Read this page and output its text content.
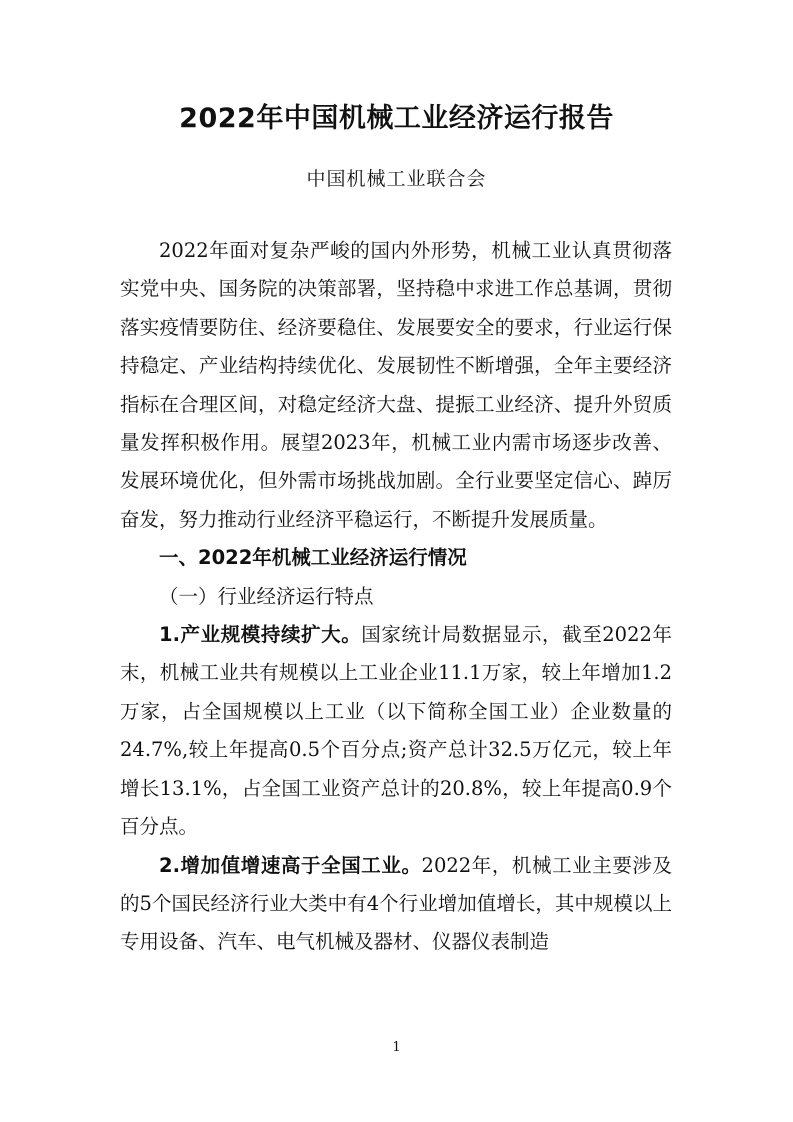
2022年中国机械工业经济运行报告
中国机械工业联合会

2022年面对复杂严峻的国内外形势，机械工业认真贯彻落实党中央、国务院的决策部署，坚持稳中求进工作总基调，贯彻落实疫情要防住、经济要稳住、发展要安全的要求，行业运行保持稳定、产业结构持续优化、发展韧性不断增强，全年主要经济指标在合理区间，对稳定经济大盘、提振工业经济、提升外贸质量发挥积极作用。展望2023年，机械工业内需市场逐步改善、发展环境优化，但外需市场挑战加剧。全行业要坚定信心、踔厉奋发，努力推动行业经济平稳运行，不断提升发展质量。

一、2022年机械工业经济运行情况

（一）行业经济运行特点

1.产业规模持续扩大。国家统计局数据显示，截至2022年末，机械工业共有规模以上工业企业11.1万家，较上年增加1.2万家，占全国规模以上工业（以下简称全国工业）企业数量的24.7%,较上年提高0.5个百分点;资产总计32.5万亿元，较上年增长13.1%，占全国工业资产总计的20.8%，较上年提高0.9个百分点。

2.增加值增速高于全国工业。2022年，机械工业主要涉及的5个国民经济行业大类中有4个行业增加值增长，其中规模以上专用设备、汽车、电气机械及器材、仪器仪表制造

1
